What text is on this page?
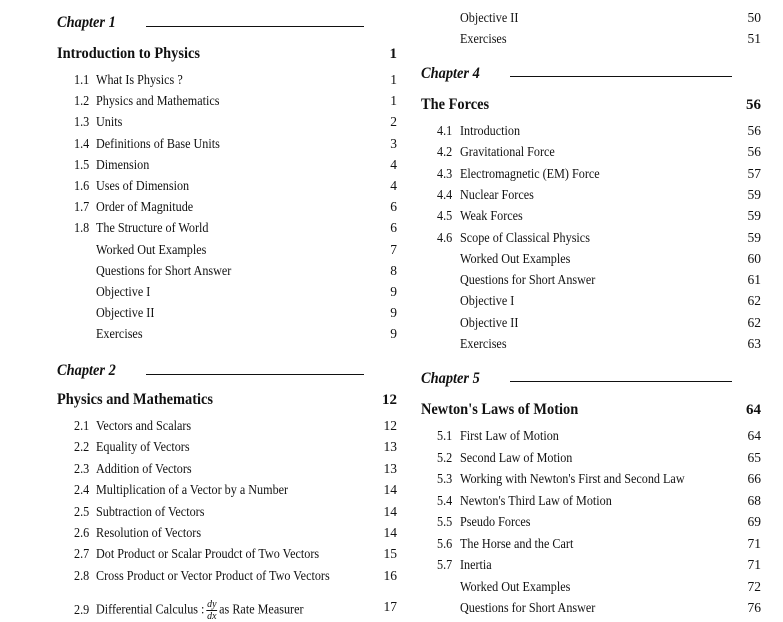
Chapter 1
Introduction to Physics	1
1.1 What Is Physics ?	1
1.2 Physics and Mathematics	1
1.3 Units	2
1.4 Definitions of Base Units	3
1.5 Dimension	4
1.6 Uses of Dimension	4
1.7 Order of Magnitude	6
1.8 The Structure of World	6
Worked Out Examples	7
Questions for Short Answer	8
Objective I	9
Objective II	9
Exercises	9
Chapter 2
Physics and Mathematics	12
2.1 Vectors and Scalars	12
2.2 Equality of Vectors	13
2.3 Addition of Vectors	13
2.4 Multiplication of a Vector by a Number	14
2.5 Subtraction of Vectors	14
2.6 Resolution of Vectors	14
2.7 Dot Product or Scalar Proudct of Two Vectors	15
2.8 Cross Product or Vector Product of Two Vectors	16
2.9 Differential Calculus : $\frac{dy}{dx}$ as Rate Measurer	17
Objective II	50
Exercises	51
Chapter 4
The Forces	56
4.1 Introduction	56
4.2 Gravitational Force	56
4.3 Electromagnetic (EM) Force	57
4.4 Nuclear Forces	59
4.5 Weak Forces	59
4.6 Scope of Classical Physics	59
Worked Out Examples	60
Questions for Short Answer	61
Objective I	62
Objective II	62
Exercises	63
Chapter 5
Newton's Laws of Motion	64
5.1 First Law of Motion	64
5.2 Second Law of Motion	65
5.3 Working with Newton's First and Second Law	66
5.4 Newton's Third Law of Motion	68
5.5 Pseudo Forces	69
5.6 The Horse and the Cart	71
5.7 Inertia	71
Worked Out Examples	72
Questions for Short Answer	76
